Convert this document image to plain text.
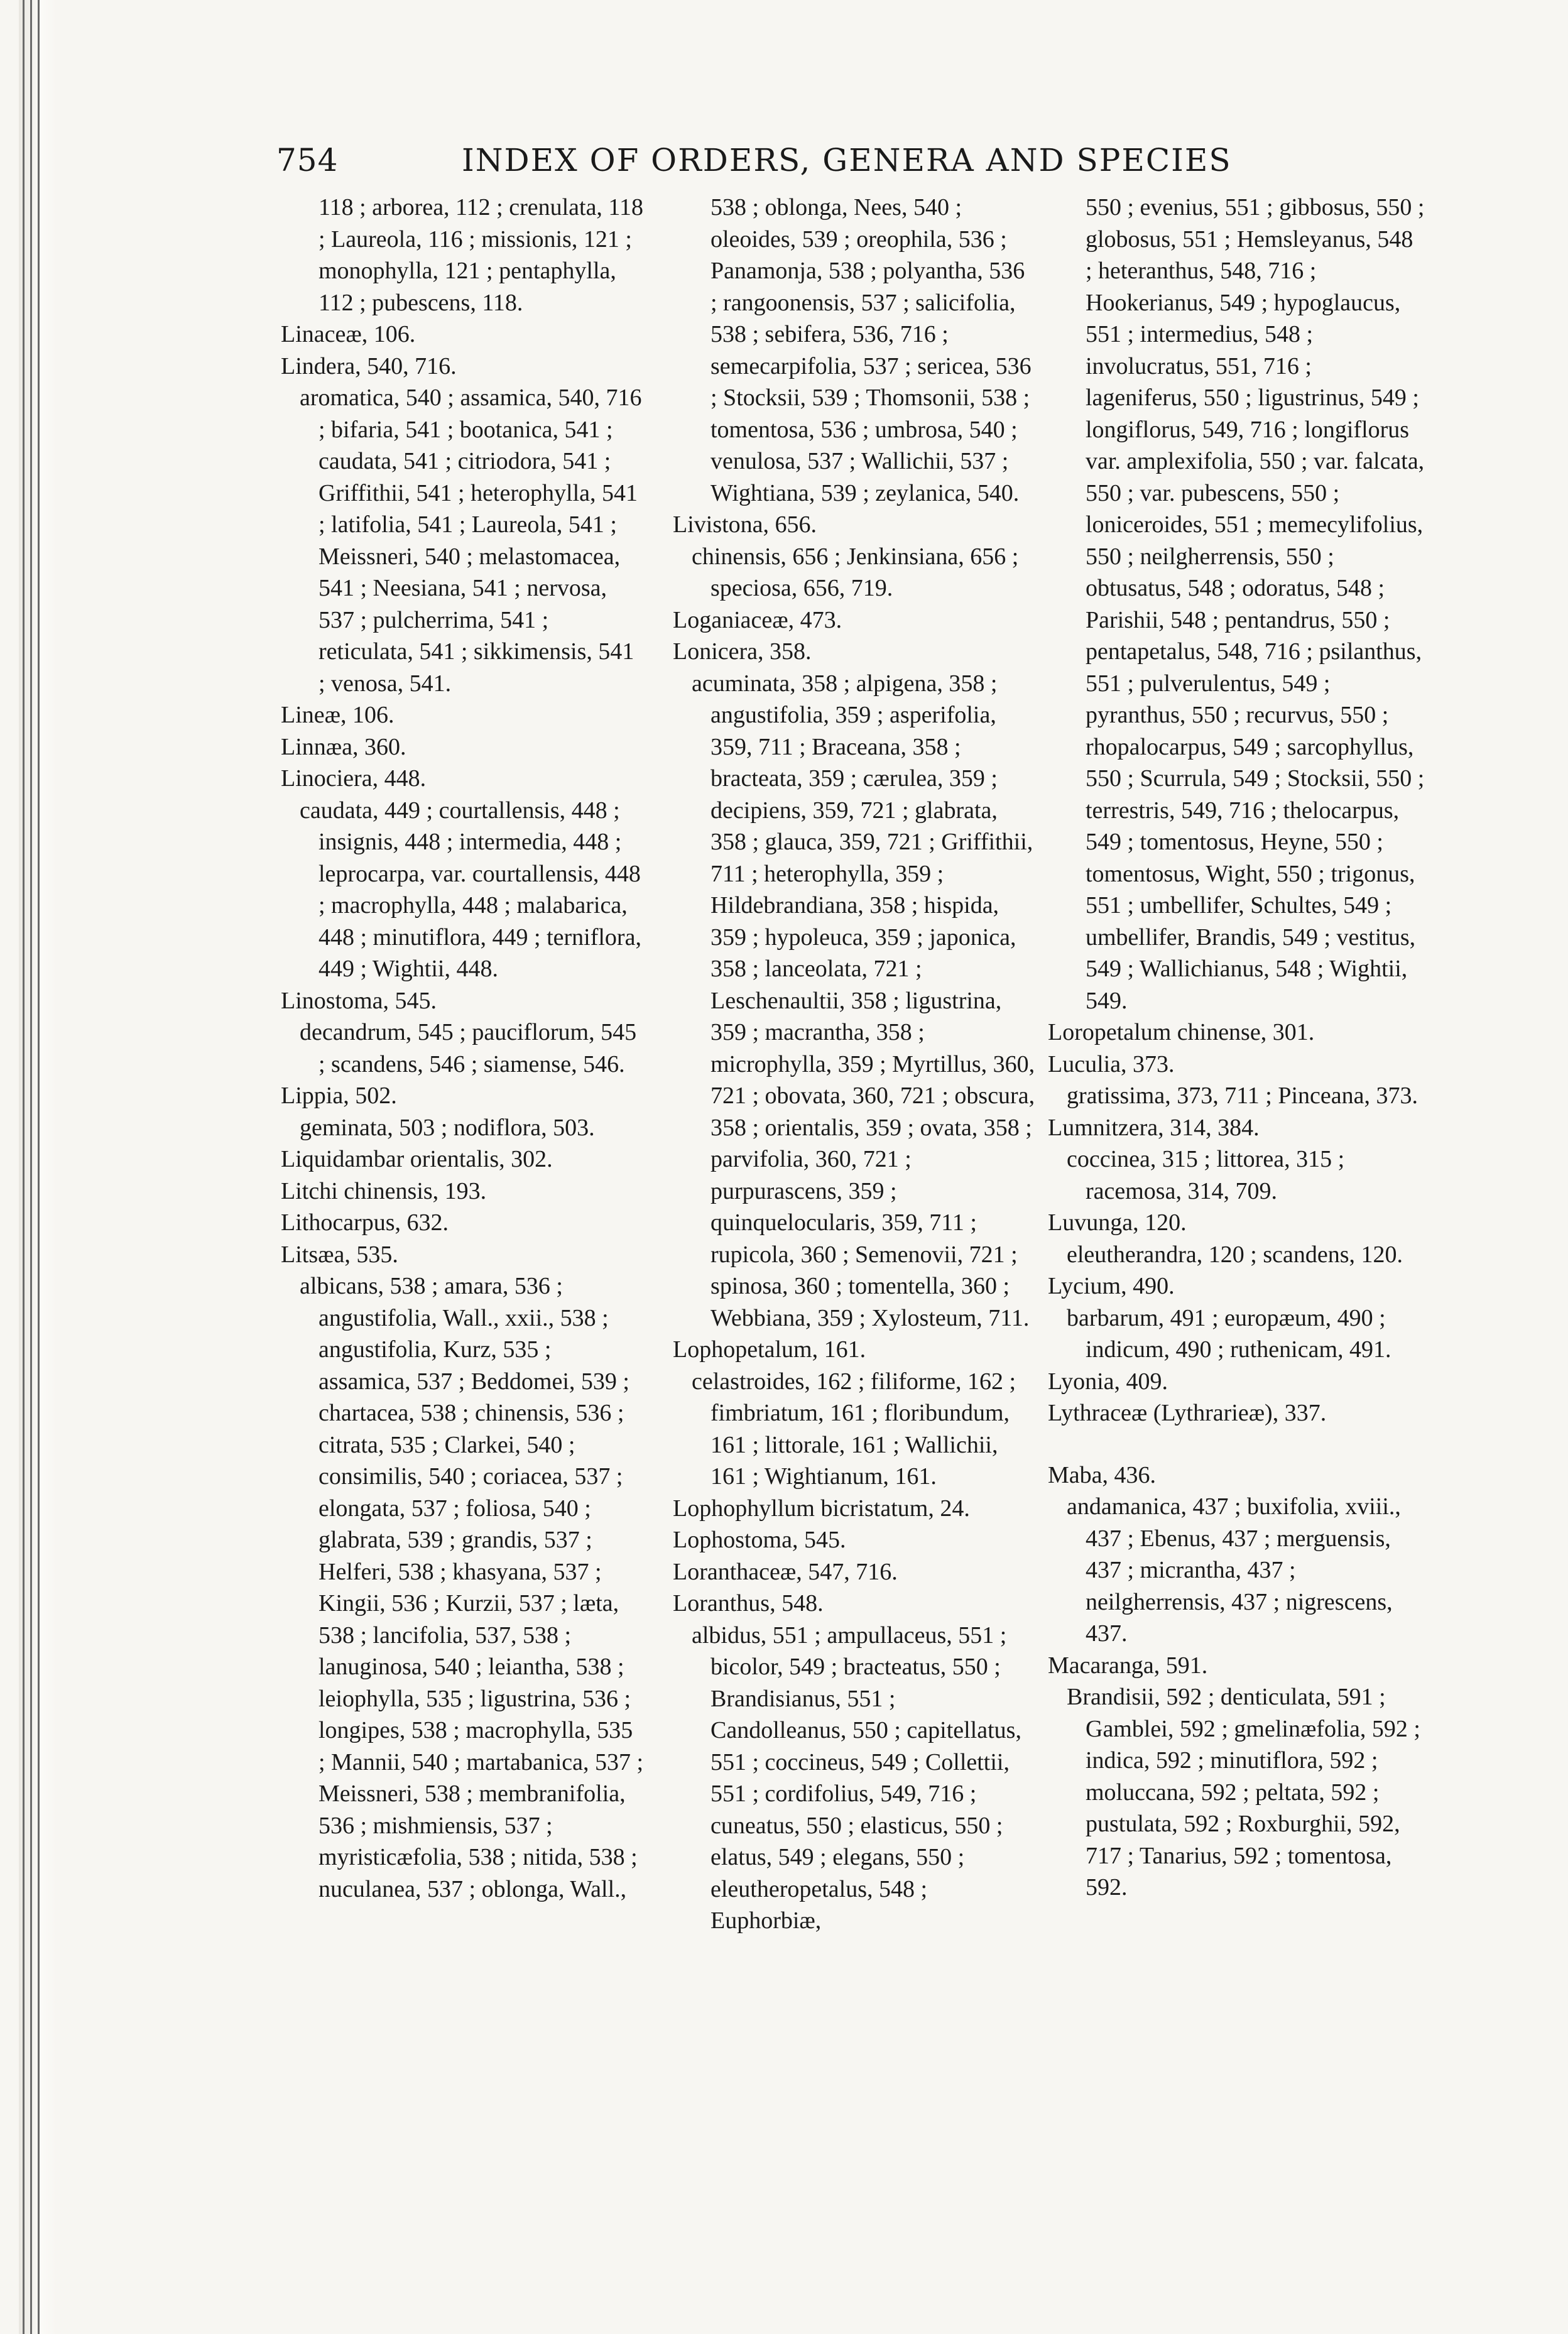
754	INDEX OF ORDERS, GENERA AND SPECIES

118 ; arborea, 112 ; crenulata, 118 ; Laureola, 116 ; missionis, 121 ; monophylla, 121 ; pentaphylla, 112 ; pubescens, 118.

Linaceæ, 106.

Lindera, 540, 716.

aromatica, 540 ; assamica, 540, 716 ; bifaria, 541 ; bootanica, 541 ; caudata, 541 ; citriodora, 541 ; Griffithii, 541 ; heterophylla, 541 ; latifolia, 541 ; Laureola, 541 ; Meissneri, 540 ; melastomacea, 541 ; Neesiana, 541 ; nervosa, 537 ; pulcherrima, 541 ; reticulata, 541 ; sikkimensis, 541 ; venosa, 541.

Lineæ, 106.

Linnæa, 360.

Linociera, 448.

caudata, 449 ; courtallensis, 448 ; insignis, 448 ; intermedia, 448 ; leprocarpa, var. courtallensis, 448 ; macrophylla, 448 ; malabarica, 448 ; minutiflora, 449 ; terniflora, 449 ; Wightii, 448.

Linostoma, 545.

decandrum, 545 ; pauciflorum, 545 ; scandens, 546 ; siamense, 546.

Lippia, 502.

geminata, 503 ; nodiflora, 503.

Liquidambar orientalis, 302.

Litchi chinensis, 193.

Lithocarpus, 632.

Litsæa, 535.

albicans, 538 ; amara, 536 ; angustifolia, Wall., xxii., 538 ; angustifolia, Kurz, 535 ; assamica, 537 ; Beddomei, 539 ; chartacea, 538 ; chinensis, 536 ; citrata, 535 ; Clarkei, 540 ; consimilis, 540 ; coriacea, 537 ; elongata, 537 ; foliosa, 540 ; glabrata, 539 ; grandis, 537 ; Helferi, 538 ; khasyana, 537 ; Kingii, 536 ; Kurzii, 537 ; læta, 538 ; lancifolia, 537, 538 ; lanuginosa, 540 ; leiantha, 538 ; leiophylla, 535 ; ligustrina, 536 ; longipes, 538 ; macrophylla, 535 ; Mannii, 540 ; martabanica, 537 ; Meissneri, 538 ; membranifolia, 536 ; mishmiensis, 537 ; myristicæfolia, 538 ; nitida, 538 ; nuculanea, 537 ; oblonga, Wall.,

538 ; oblonga, Nees, 540 ; oleoides, 539 ; oreophila, 536 ; Panamonja, 538 ; polyantha, 536 ; rangoonensis, 537 ; salicifolia, 538 ; sebifera, 536, 716 ; semecarpifolia, 537 ; sericea, 536 ; Stocksii, 539 ; Thomsonii, 538 ; tomentosa, 536 ; umbrosa, 540 ; venulosa, 537 ; Wallichii, 537 ; Wightiana, 539 ; zeylanica, 540.

Livistona, 656.

chinensis, 656 ; Jenkinsiana, 656 ; speciosa, 656, 719.

Loganiaceæ, 473.

Lonicera, 358.

acuminata, 358 ; alpigena, 358 ; angustifolia, 359 ; asperifolia, 359, 711 ; Braceana, 358 ; bracteata, 359 ; cærulea, 359 ; decipiens, 359, 721 ; glabrata, 358 ; glauca, 359, 721 ; Griffithii, 711 ; heterophylla, 359 ; Hildebrandiana, 358 ; hispida, 359 ; hypoleuca, 359 ; japonica, 358 ; lanceolata, 721 ; Leschenaultii, 358 ; ligustrina, 359 ; macrantha, 358 ; microphylla, 359 ; Myrtillus, 360, 721 ; obovata, 360, 721 ; obscura, 358 ; orientalis, 359 ; ovata, 358 ; parvifolia, 360, 721 ; purpurascens, 359 ; quinquelocularis, 359, 711 ; rupicola, 360 ; Semenovii, 721 ; spinosa, 360 ; tomentella, 360 ; Webbiana, 359 ; Xylosteum, 711.

Lophopetalum, 161.

celastroides, 162 ; filiforme, 162 ; fimbriatum, 161 ; floribundum, 161 ; littorale, 161 ; Wallichii, 161 ; Wightianum, 161.

Lophophyllum bicristatum, 24.

Lophostoma, 545.

Loranthaceæ, 547, 716.

Loranthus, 548.

albidus, 551 ; ampullaceus, 551 ; bicolor, 549 ; bracteatus, 550 ; Brandisianus, 551 ; Candolleanus, 550 ; capitellatus, 551 ; coccineus, 549 ; Collettii, 551 ; cordifolius, 549, 716 ; cuneatus, 550 ; elasticus, 550 ; elatus, 549 ; elegans, 550 ; eleutheropetalus, 548 ; Euphorbiæ,

550 ; evenius, 551 ; gibbosus, 550 ; globosus, 551 ; Hemsleyanus, 548 ; heteranthus, 548, 716 ; Hookerianus, 549 ; hypoglaucus, 551 ; intermedius, 548 ; involucratus, 551, 716 ; lageniferus, 550 ; ligustrinus, 549 ; longiflorus, 549, 716 ; longiflorus var. amplexifolia, 550 ; var. falcata, 550 ; var. pubescens, 550 ; loniceroides, 551 ; memecylifolius, 550 ; neilgherrensis, 550 ; obtusatus, 548 ; odoratus, 548 ; Parishii, 548 ; pentandrus, 550 ; pentapetalus, 548, 716 ; psilanthus, 551 ; pulverulentus, 549 ; pyranthus, 550 ; recurvus, 550 ; rhopalocarpus, 549 ; sarcophyllus, 550 ; Scurrula, 549 ; Stocksii, 550 ; terrestris, 549, 716 ; thelocarpus, 549 ; tomentosus, Heyne, 550 ; tomentosus, Wight, 550 ; trigonus, 551 ; umbellifer, Schultes, 549 ; umbellifer, Brandis, 549 ; vestitus, 549 ; Wallichianus, 548 ; Wightii, 549.

Loropetalum chinense, 301.

Luculia, 373.

gratissima, 373, 711 ; Pinceana, 373.

Lumnitzera, 314, 384.

coccinea, 315 ; littorea, 315 ; racemosa, 314, 709.

Luvunga, 120.

eleutherandra, 120 ; scandens, 120.

Lycium, 490.

barbarum, 491 ; europæum, 490 ; indicum, 490 ; ruthenicam, 491.

Lyonia, 409.

Lythraceæ (Lythrarieæ), 337.

Maba, 436.

andamanica, 437 ; buxifolia, xviii., 437 ; Ebenus, 437 ; merguensis, 437 ; micrantha, 437 ; neilgherrensis, 437 ; nigrescens, 437.

Macaranga, 591.

Brandisii, 592 ; denticulata, 591 ; Gamblei, 592 ; gmelinæfolia, 592 ; indica, 592 ; minutiflora, 592 ; moluccana, 592 ; peltata, 592 ; pustulata, 592 ; Roxburghii, 592, 717 ; Tanarius, 592 ; tomentosa, 592.
